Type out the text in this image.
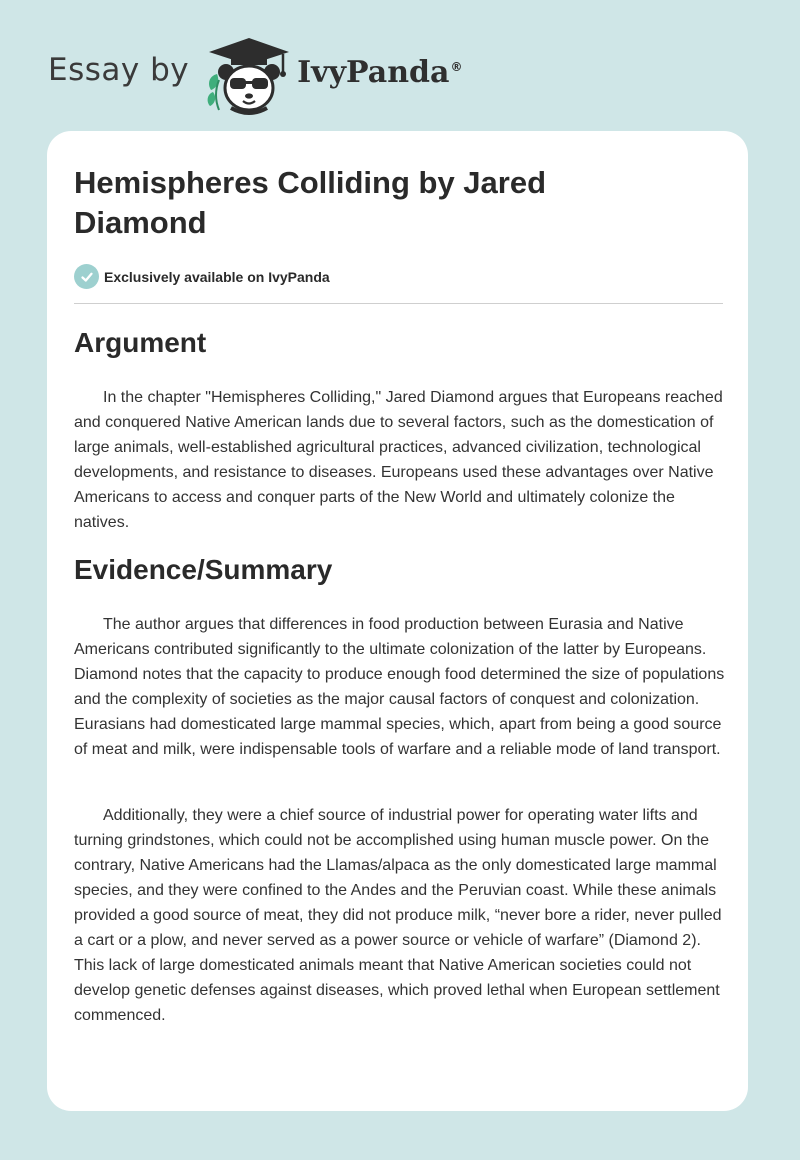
Essay by	IvyPanda®
Hemispheres Colliding by Jared Diamond
Exclusively available on IvyPanda
Argument

In the chapter "Hemispheres Colliding," Jared Diamond argues that Europeans reached and conquered Native American lands due to several factors, such as the domestication of large animals, well-established agricultural practices, advanced civilization, technological developments, and resistance to diseases. Europeans used these advantages over Native Americans to access and conquer parts of the New World and ultimately colonize the natives.

Evidence/Summary

The author argues that differences in food production between Eurasia and Native Americans contributed significantly to the ultimate colonization of the latter by Europeans. Diamond notes that the capacity to produce enough food determined the size of populations and the complexity of societies as the major causal factors of conquest and colonization. Eurasians had domesticated large mammal species, which, apart from being a good source of meat and milk, were indispensable tools of warfare and a reliable mode of land transport.

Additionally, they were a chief source of industrial power for operating water lifts and turning grindstones, which could not be accomplished using human muscle power. On the contrary, Native Americans had the Llamas/alpaca as the only domesticated large mammal species, and they were confined to the Andes and the Peruvian coast. While these animals provided a good source of meat, they did not produce milk, “never bore a rider, never pulled a cart or a plow, and never served as a power source or vehicle of warfare” (Diamond 2). This lack of large domesticated animals meant that Native American societies could not develop genetic defenses against diseases, which proved lethal when European settlement commenced.
